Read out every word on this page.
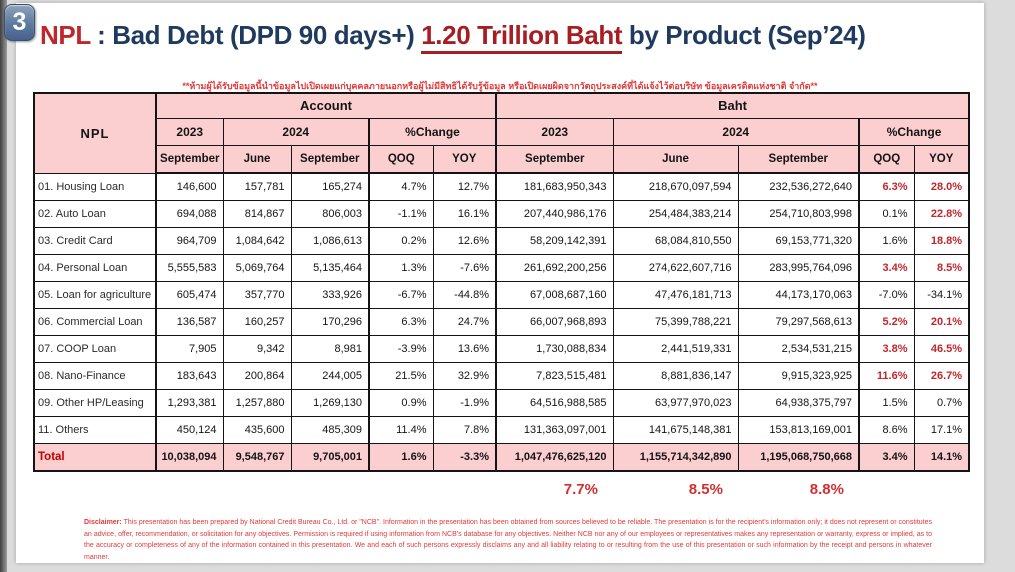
NPL : Bad Debt (DPD 90 days+) 1.20 Trillion Baht by Product (Sep’24)
**ห้ามผู้ได้รับข้อมูลนี้นำข้อมูลไปเปิดเผยแก่บุคคลภายนอกหรือผู้ไม่มีสิทธิได้รับรู้ข้อมูล หรือเปิดเผยผิดจากวัตถุประสงค์ที่ได้แจ้งไว้ต่อบริษัท ข้อมูลเครดิตแห่งชาติ จำกัด**
NPL	Account					Baht				
	2023	2024		%Change		2023	2024		%Change	
	September	June	September	QOQ	YOY	September	June	September	QOQ	YOY
01. Housing Loan	146,600	157,781	165,274	4.7%	12.7%	181,683,950,343	218,670,097,594	232,536,272,640	6.3%	28.0%
02. Auto Loan	694,088	814,867	806,003	-1.1%	16.1%	207,440,986,176	254,484,383,214	254,710,803,998	0.1%	22.8%
03. Credit Card	964,709	1,084,642	1,086,613	0.2%	12.6%	58,209,142,391	68,084,810,550	69,153,771,320	1.6%	18.8%
04. Personal Loan	5,555,583	5,069,764	5,135,464	1.3%	-7.6%	261,692,200,256	274,622,607,716	283,995,764,096	3.4%	8.5%
05. Loan for agriculture	605,474	357,770	333,926	-6.7%	-44.8%	67,008,687,160	47,476,181,713	44,173,170,063	-7.0%	-34.1%
06. Commercial Loan	136,587	160,257	170,296	6.3%	24.7%	66,007,968,893	75,399,788,221	79,297,568,613	5.2%	20.1%
07. COOP Loan	7,905	9,342	8,981	-3.9%	13.6%	1,730,088,834	2,441,519,331	2,534,531,215	3.8%	46.5%
08. Nano-Finance	183,643	200,864	244,005	21.5%	32.9%	7,823,515,481	8,881,836,147	9,915,323,925	11.6%	26.7%
09. Other HP/Leasing	1,293,381	1,257,880	1,269,130	0.9%	-1.9%	64,516,988,585	63,977,970,023	64,938,375,797	1.5%	0.7%
11. Others	450,124	435,600	485,309	11.4%	7.8%	131,363,097,001	141,675,148,381	153,813,169,001	8.6%	17.1%
Total	10,038,094	9,548,767	9,705,001	1.6%	-3.3%	1,047,476,625,120	1,155,714,342,890	1,195,068,750,668	3.4%	14.1%
7.7%	8.5%	8.8%
Disclaimer: This presentation has been prepared by National Credit Bureau Co., Ltd. or "NCB". Information in the presentation has been obtained from sources believed to be reliable. The presentation is for the recipient's information only; it does not represent or constitutes an advice, offer, recommendation, or solicitation for any objectives. Permission is required if using information from NCB's database for any objectives. Neither NCB nor any of our employees or representatives makes any representation or warranty, express or implied, as to the accuracy or completeness of any of the information contained in this presentation. We and each of such persons expressly disclaims any and all liability relating to or resulting from the use of this presentation or such information by the receipt and persons in whatever manner.
3
